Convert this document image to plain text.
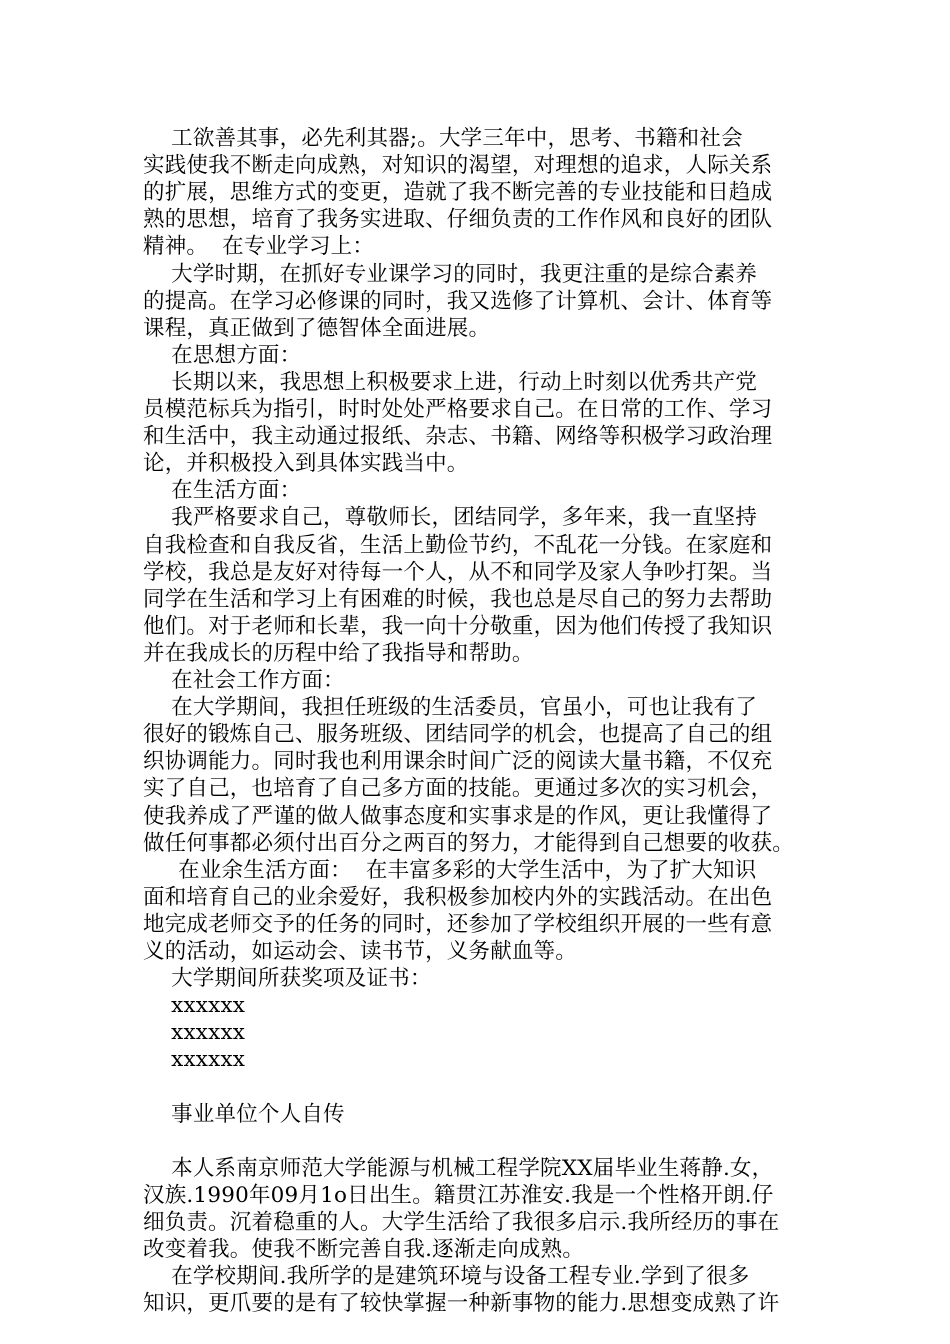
工欲善其事，必先利其器;。大学三年中，思考、书籍和社会
实践使我不断走向成熟，对知识的渴望，对理想的追求，人际关系
的扩展，思维方式的变更，造就了我不断完善的专业技能和日趋成
熟的思想，培育了我务实进取、仔细负责的工作作风和良好的团队
精神。  在专业学习上：
大学时期，在抓好专业课学习的同时，我更注重的是综合素养
的提高。在学习必修课的同时，我又选修了计算机、会计、体育等
课程，真正做到了德智体全面进展。
在思想方面：
长期以来，我思想上积极要求上进，行动上时刻以优秀共产党
员模范标兵为指引，时时处处严格要求自己。在日常的工作、学习
和生活中，我主动通过报纸、杂志、书籍、网络等积极学习政治理
论，并积极投入到具体实践当中。
在生活方面：
我严格要求自己，尊敬师长，团结同学，多年来，我一直坚持
自我检查和自我反省，生活上勤俭节约，不乱花一分钱。在家庭和
学校，我总是友好对待每一个人，从不和同学及家人争吵打架。当
同学在生活和学习上有困难的时候，我也总是尽自己的努力去帮助
他们。对于老师和长辈，我一向十分敬重，因为他们传授了我知识
并在我成长的历程中给了我指导和帮助。
在社会工作方面：
在大学期间，我担任班级的生活委员，官虽小，可也让我有了
很好的锻炼自己、服务班级、团结同学的机会，也提高了自己的组
织协调能力。同时我也利用课余时间广泛的阅读大量书籍，不仅充
实了自己，也培育了自己多方面的技能。更通过多次的实习机会，
使我养成了严谨的做人做事态度和实事求是的作风，更让我懂得了
做任何事都必须付出百分之两百的努力，才能得到自己想要的收获。
在业余生活方面：  在丰富多彩的大学生活中，为了扩大知识
面和培育自己的业余爱好，我积极参加校内外的实践活动。在出色
地完成老师交予的任务的同时，还参加了学校组织开展的一些有意
义的活动，如运动会、读书节，义务献血等。
大学期间所获奖项及证书：
xxxxxx
xxxxxx
xxxxxx
事业单位个人自传
本人系南京师范大学能源与机械工程学院XX届毕业生蒋静.女，
汉族.1990年09月1o日出生。籍贯江苏淮安.我是一个性格开朗.仔
细负责。沉着稳重的人。大学生活给了我很多启示.我所经历的事在
改变着我。使我不断完善自我.逐渐走向成熟。
在学校期间.我所学的是建筑环境与设备工程专业.学到了很多
知识，更爪要的是有了较快掌握一种新事物的能力.思想变成熟了许
